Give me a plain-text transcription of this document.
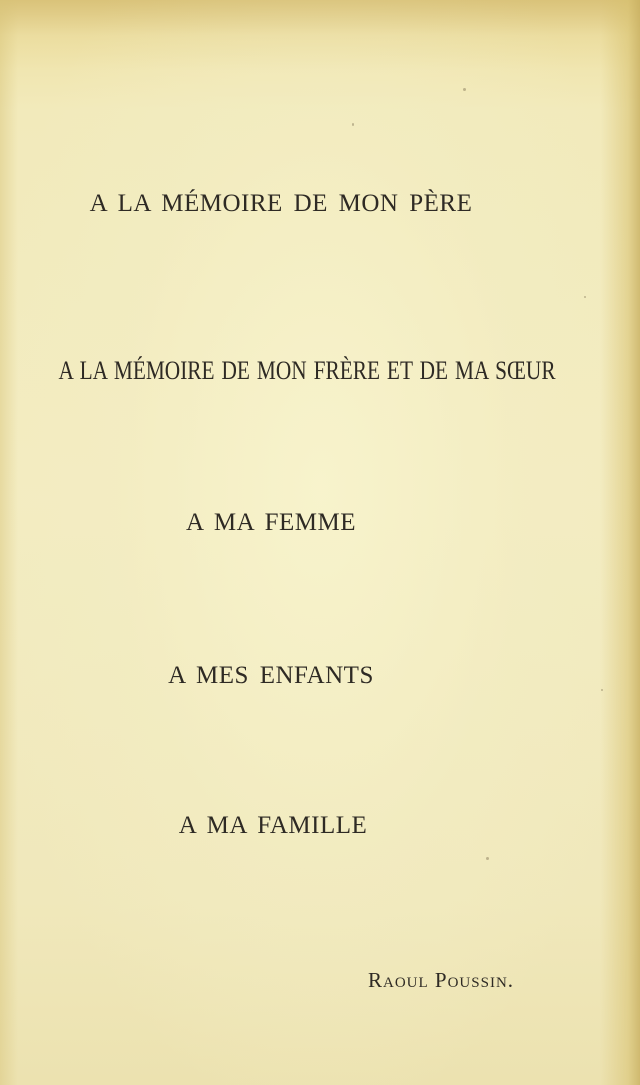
A LA MÉMOIRE DE MON PÈRE
A LA MÉMOIRE DE MON FRÈRE ET DE MA SŒUR
A MA FEMME
A MES ENFANTS
A MA FAMILLE

Raoul Poussin.
